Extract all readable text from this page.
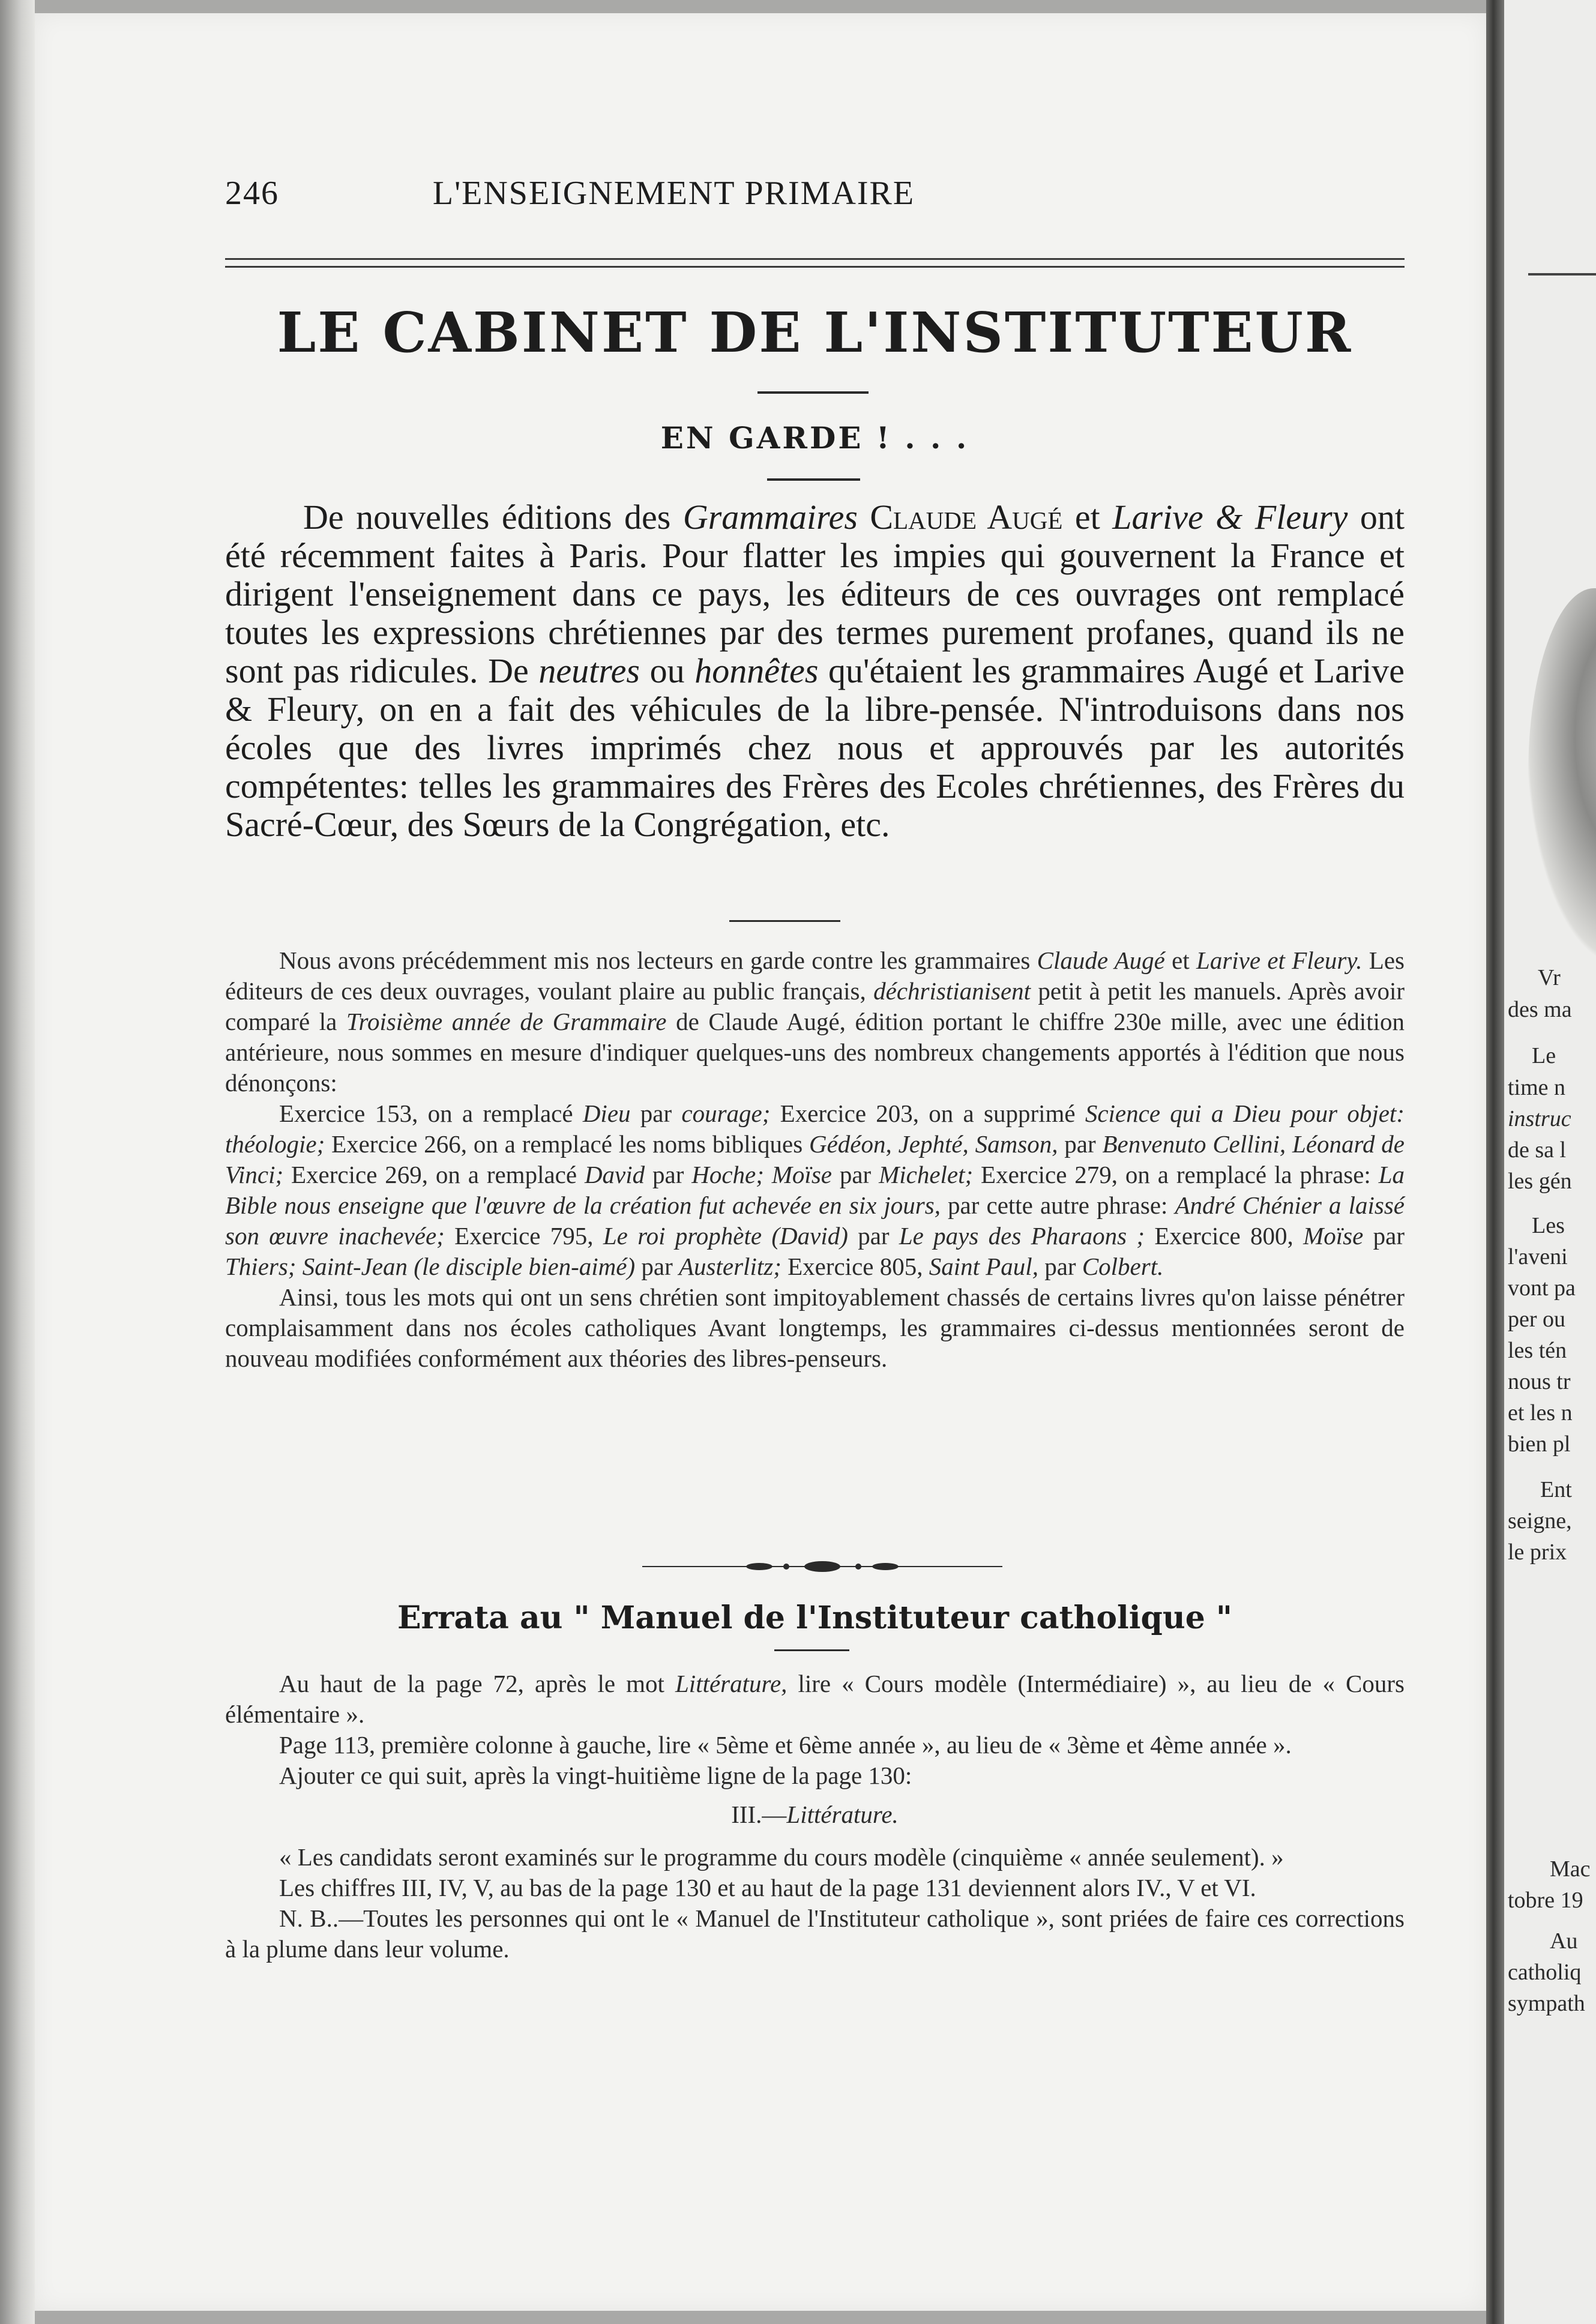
246	L'ENSEIGNEMENT PRIMAIRE
LE CABINET DE L'INSTITUTEUR
EN GARDE ! . . .
De nouvelles éditions des Grammaires Claude Augé et Larive & Fleury ont été récemment faites à Paris. Pour flatter les impies qui gouvernent la France et dirigent l'enseignement dans ce pays, les éditeurs de ces ouvrages ont remplacé toutes les expressions chrétiennes par des termes purement profanes, quand ils ne sont pas ridicules. De neutres ou honnêtes qu'étaient les grammaires Augé et Larive & Fleury, on en a fait des véhicules de la libre-pensée. N'introduisons dans nos écoles que des livres imprimés chez nous et approuvés par les autorités compétentes: telles les grammaires des Frères des Ecoles chrétiennes, des Frères du Sacré-Cœur, des Sœurs de la Congrégation, etc.

Nous avons précédemment mis nos lecteurs en garde contre les grammaires Claude Augé et Larive et Fleury. Les éditeurs de ces deux ouvrages, voulant plaire au public français, déchristianisent petit à petit les manuels. Après avoir comparé la Troisième année de Grammaire de Claude Augé, édition portant le chiffre 230e mille, avec une édition antérieure, nous sommes en mesure d'indiquer quelques-uns des nombreux changements apportés à l'édition que nous dénonçons:

Exercice 153, on a remplacé Dieu par courage; Exercice 203, on a supprimé Science qui a Dieu pour objet: théologie; Exercice 266, on a remplacé les noms bibliques Gédéon, Jephté, Samson, par Benvenuto Cellini, Léonard de Vinci; Exercice 269, on a remplacé David par Hoche; Moïse par Michelet; Exercice 279, on a remplacé la phrase: La Bible nous enseigne que l'œuvre de la création fut achevée en six jours, par cette autre phrase: André Chénier a laissé son œuvre inachevée; Exercice 795, Le roi prophète (David) par Le pays des Pharaons ; Exercice 800, Moïse par Thiers; Saint-Jean (le disciple bien-aimé) par Austerlitz; Exercice 805, Saint Paul, par Colbert.

Ainsi, tous les mots qui ont un sens chrétien sont impitoyablement chassés de certains livres qu'on laisse pénétrer complaisamment dans nos écoles catholiques Avant longtemps, les grammaires ci-dessus mentionnées seront de nouveau modifiées conformément aux théories des libres-penseurs.

Errata au " Manuel de l'Instituteur catholique "

Au haut de la page 72, après le mot Littérature, lire « Cours modèle (Intermédiaire) », au lieu de « Cours élémentaire ».

Page 113, première colonne à gauche, lire « 5ème et 6ème année », au lieu de « 3ème et 4ème année ».

Ajouter ce qui suit, après la vingt-huitième ligne de la page 130:

III.—Littérature.

« Les candidats seront examinés sur le programme du cours modèle (cinquième « année seulement). »

Les chiffres III, IV, V, au bas de la page 130 et au haut de la page 131 deviennent alors IV., V et VI.

N. B..—Toutes les personnes qui ont le « Manuel de l'Instituteur catholique », sont priées de faire ces corrections à la plume dans leur volume.

Vr
des ma
Le
time n
instruc
de sa l
les gén
Les
l'aveni
vont pa
per ou
les tén
nous tr
et les n
bien pl
Ent
seigne,
le prix
Mac
tobre 19
Au
catholiq
sympath
